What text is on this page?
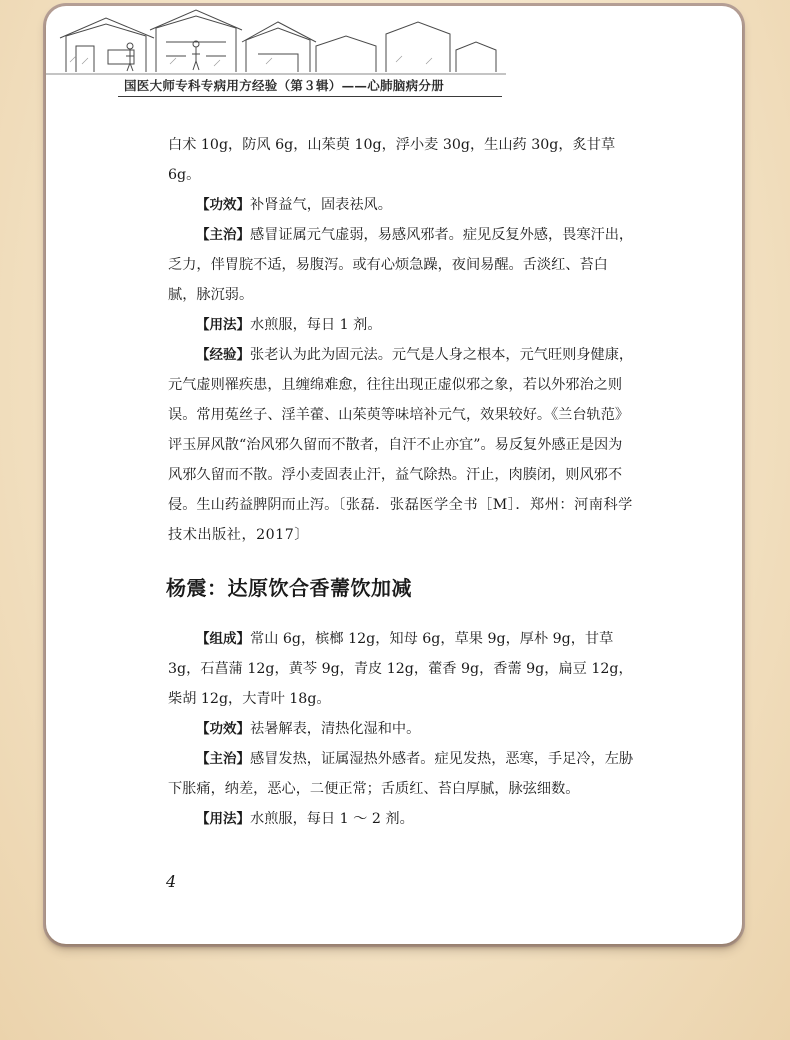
国医大师专科专病用方经验（第３辑）——心肺脑病分册

白术 10g，防风 6g，山茱萸 10g，浮小麦 30g，生山药 30g，炙甘草 6g。

【功效】补肾益气，固表祛风。

【主治】感冒证属元气虚弱，易感风邪者。症见反复外感，畏寒汗出，乏力，伴胃脘不适，易腹泻。或有心烦急躁，夜间易醒。舌淡红、苔白腻，脉沉弱。

【用法】水煎服，每日 1 剂。

【经验】张老认为此为固元法。元气是人身之根本，元气旺则身健康，元气虚则罹疾患，且缠绵难愈，往往出现正虚似邪之象，若以外邪治之则误。常用菟丝子、淫羊藿、山茱萸等味培补元气，效果较好。《兰台轨范》评玉屏风散“治风邪久留而不散者，自汗不止亦宜”。易反复外感正是因为风邪久留而不散。浮小麦固表止汗，益气除热。汗止，肉腠闭，则风邪不侵。生山药益脾阴而止泻。〔张磊．张磊医学全书［M］．郑州：河南科学技术出版社，2017〕

杨震：达原饮合香薷饮加减

【组成】常山 6g，槟榔 12g，知母 6g，草果 9g，厚朴 9g，甘草 3g，石菖蒲 12g，黄芩 9g，青皮 12g，藿香 9g，香薷 9g，扁豆 12g，柴胡 12g，大青叶 18g。

【功效】祛暑解表，清热化湿和中。

【主治】感冒发热，证属湿热外感者。症见发热，恶寒，手足冷，左胁下胀痛，纳差，恶心，二便正常；舌质红、苔白厚腻，脉弦细数。

【用法】水煎服，每日 1 ～ 2 剂。

4
